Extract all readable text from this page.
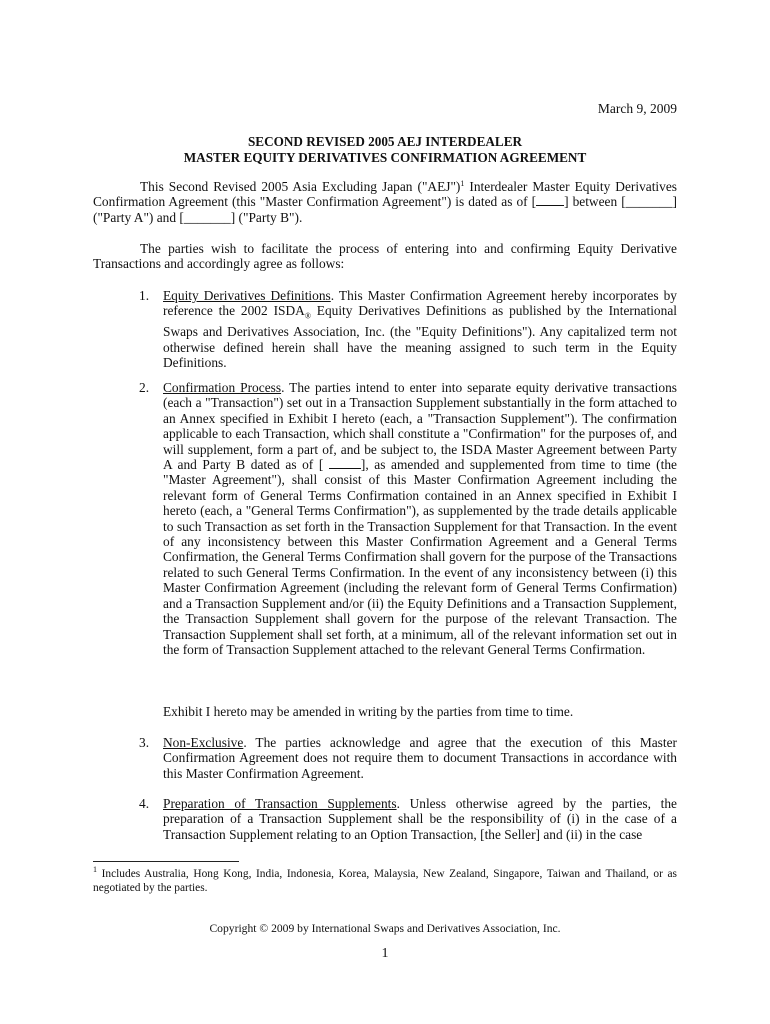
March 9, 2009
SECOND REVISED 2005 AEJ INTERDEALER
MASTER EQUITY DERIVATIVES CONFIRMATION AGREEMENT
This Second Revised 2005 Asia Excluding Japan ("AEJ")$^1$ Interdealer Master Equity Derivatives Confirmation Agreement (this "Master Confirmation Agreement") is dated as of [ ] between [_______] ("Party A") and [_______] ("Party B").
The parties wish to facilitate the process of entering into and confirming Equity Derivative Transactions and accordingly agree as follows:
1. Equity Derivatives Definitions. This Master Confirmation Agreement hereby incorporates by reference the 2002 $ISDA_®$ Equity Derivatives Definitions as published by the International Swaps and Derivatives Association, Inc. (the "Equity Definitions"). Any capitalized term not otherwise defined herein shall have the meaning assigned to such term in the Equity Definitions.
2. Confirmation Process. The parties intend to enter into separate equity derivative transactions (each a "Transaction") set out in a Transaction Supplement substantially in the form attached to an Annex specified in Exhibit I hereto (each, a "Transaction Supplement"). The confirmation applicable to each Transaction, which shall constitute a "Confirmation" for the purposes of, and will supplement, form a part of, and be subject to, the ISDA Master Agreement between Party A and Party B dated as of [ ], as amended and supplemented from time to time (the "Master Agreement"), shall consist of this Master Confirmation Agreement including the relevant form of General Terms Confirmation contained in an Annex specified in Exhibit I hereto (each, a "General Terms Confirmation"), as supplemented by the trade details applicable to such Transaction as set forth in the Transaction Supplement for that Transaction. In the event of any inconsistency between this Master Confirmation Agreement and a General Terms Confirmation, the General Terms Confirmation shall govern for the purpose of the Transactions related to such General Terms Confirmation. In the event of any inconsistency between (i) this Master Confirmation Agreement (including the relevant form of General Terms Confirmation) and a Transaction Supplement and/or (ii) the Equity Definitions and a Transaction Supplement, the Transaction Supplement shall govern for the purpose of the relevant Transaction. The Transaction Supplement shall set forth, at a minimum, all of the relevant information set out in the form of Transaction Supplement attached to the relevant General Terms Confirmation.
Exhibit I hereto may be amended in writing by the parties from time to time.
3. Non-Exclusive. The parties acknowledge and agree that the execution of this Master Confirmation Agreement does not require them to document Transactions in accordance with this Master Confirmation Agreement.
4. Preparation of Transaction Supplements. Unless otherwise agreed by the parties, the preparation of a Transaction Supplement shall be the responsibility of (i) in the case of a Transaction Supplement relating to an Option Transaction, [the Seller] and (ii) in the case
$^1$ Includes Australia, Hong Kong, India, Indonesia, Korea, Malaysia, New Zealand, Singapore, Taiwan and Thailand, or as negotiated by the parties.
Copyright © 2009 by International Swaps and Derivatives Association, Inc.
1
